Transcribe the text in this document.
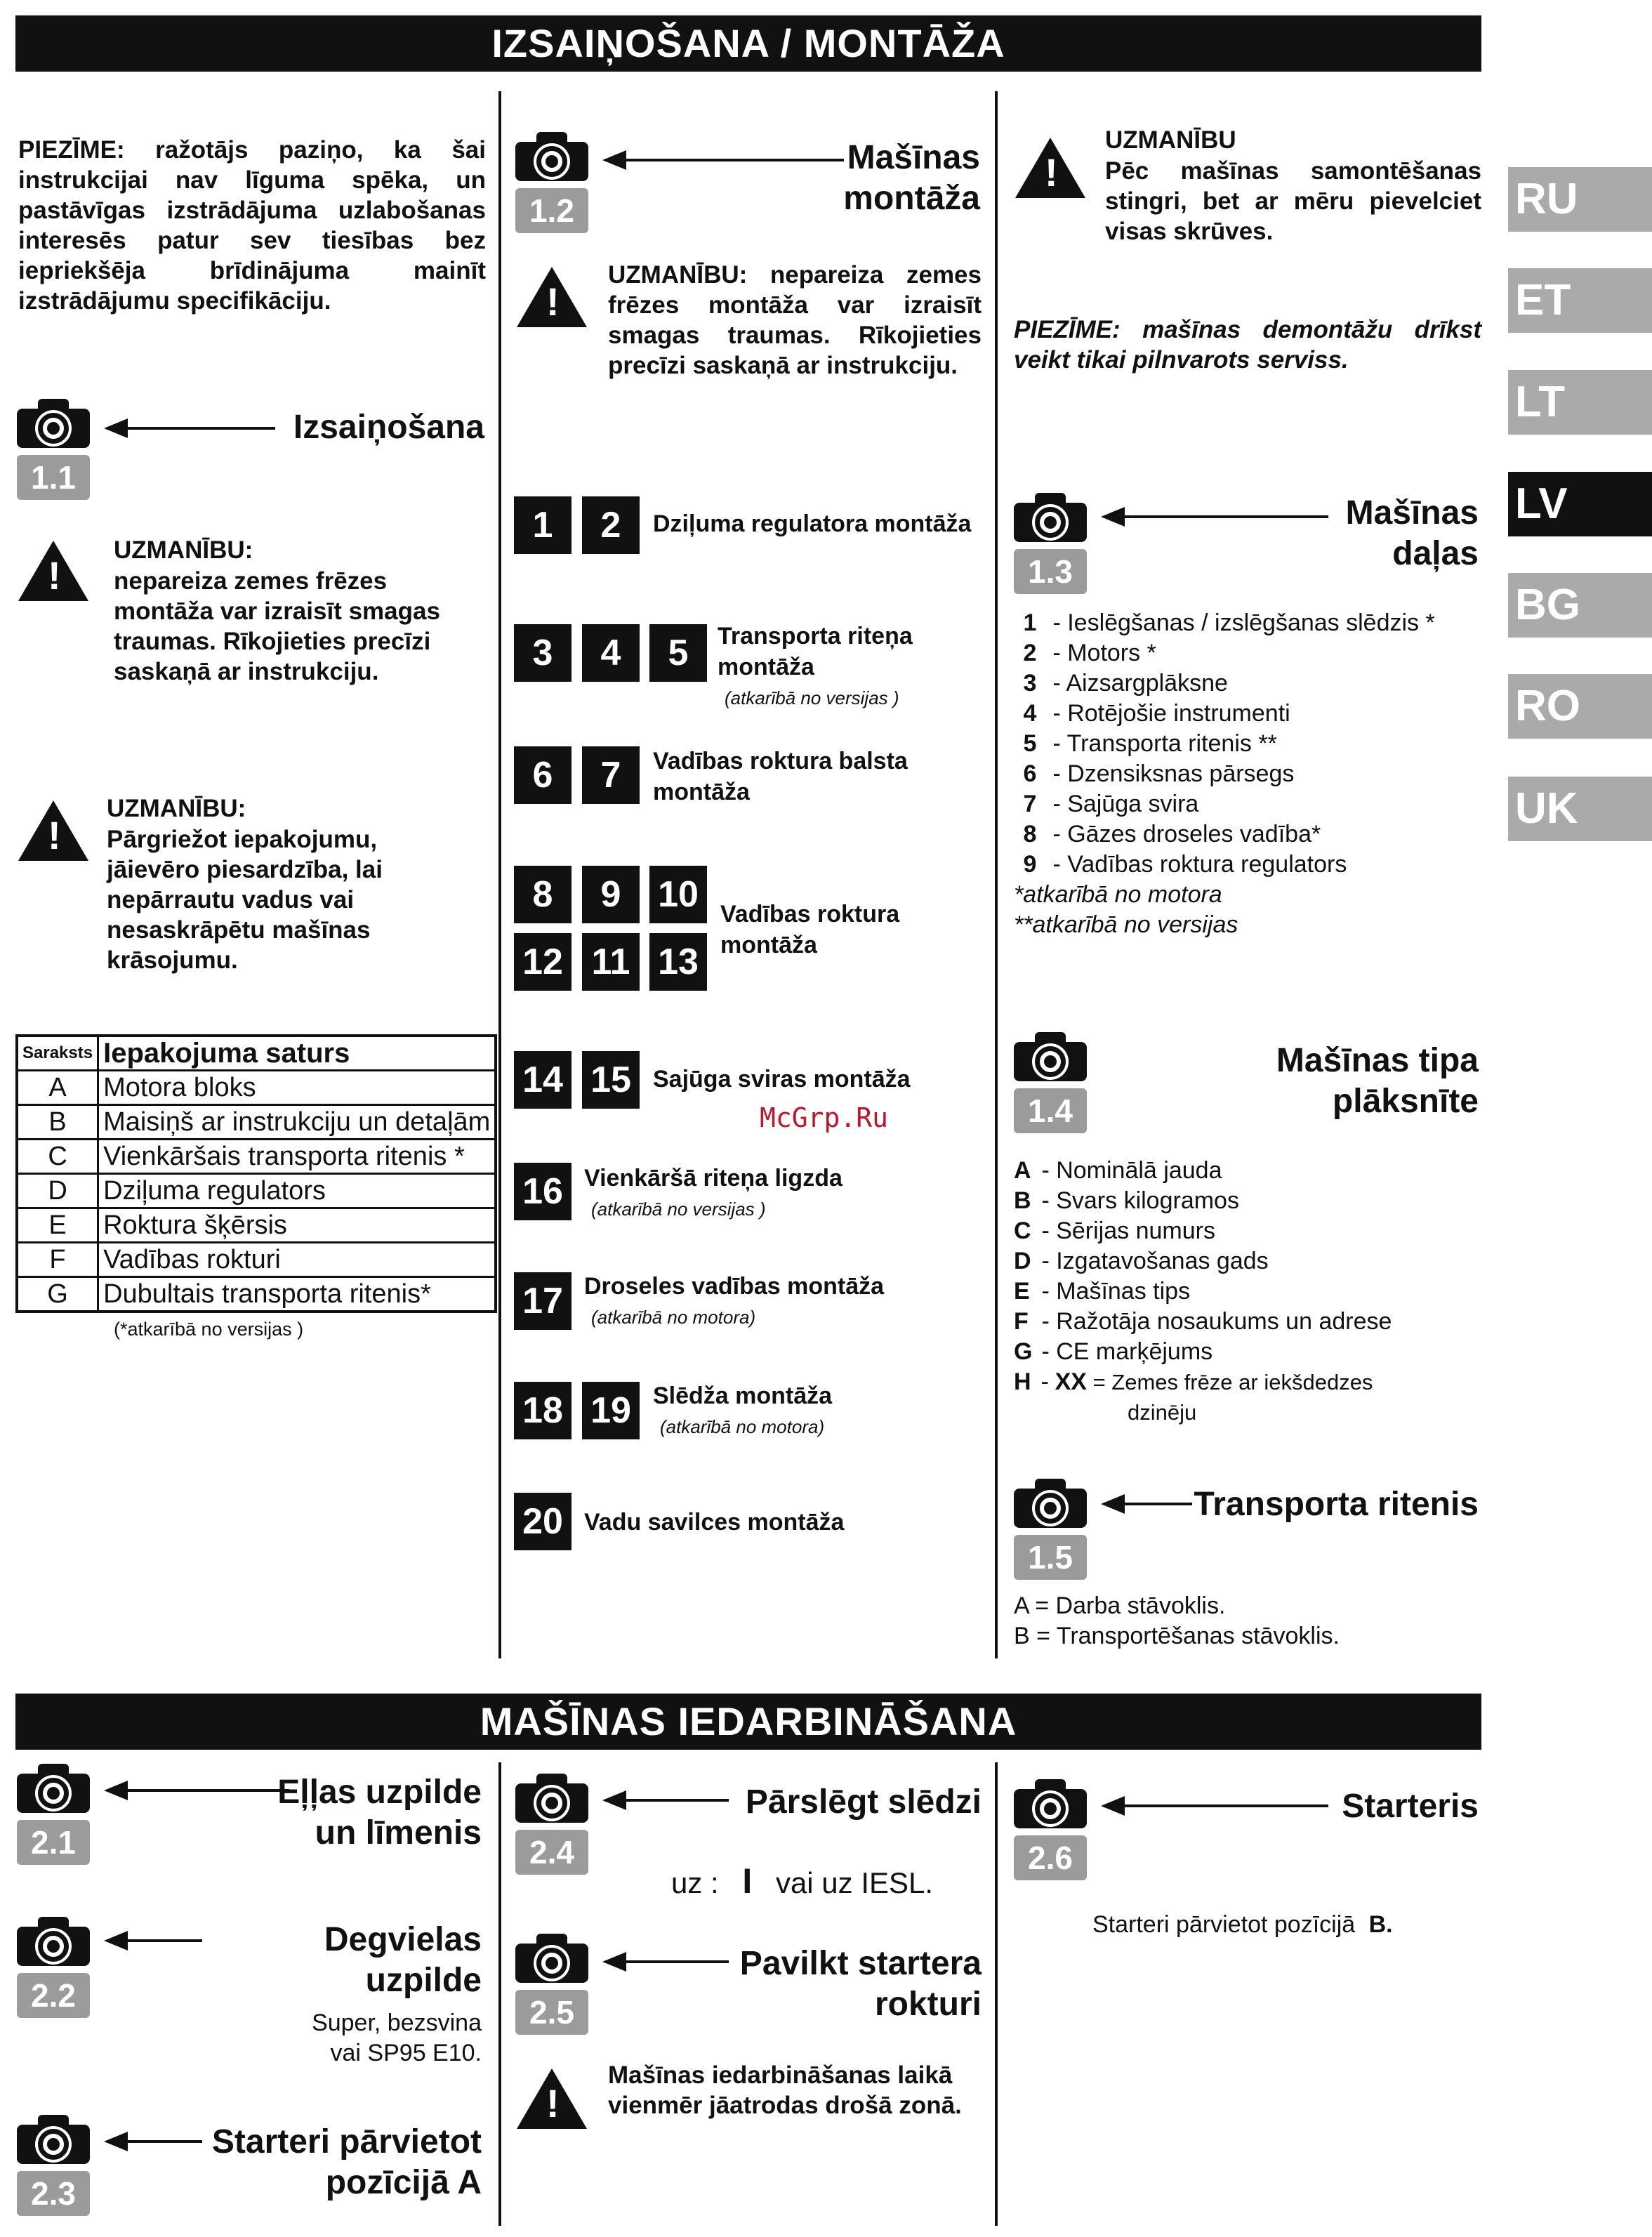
IZSAIŅOŠANA / MONTĀŽA
MAŠĪNAS IEDARBINĀŠANA
RU
ET
LT
LV
BG
RO
UK
PIEZĪME: ražotājs paziņo, ka šai instrukcijai nav līguma spēka, un pastāvīgas izstrādājuma uzlabošanas interesēs patur sev tiesības bez iepriekšēja brīdinājuma mainīt izstrādājumu specifikāciju.
1.1
Izsaiņošana
!
UZMANĪBU:
nepareiza zemes frēzes montāža var izraisīt smagas traumas. Rīkojieties precīzi saskaņā ar instrukciju.
!
UZMANĪBU:
Pārgriežot iepakojumu, jāievēro piesardzība, lai nepārrautu vadus vai nesaskrāpētu mašīnas krāsojumu.
Saraksts	Iepakojuma saturs
A	Motora bloks
B	Maisiņš ar instrukciju un detaļām
C	Vienkāršais transporta ritenis *
D	Dziļuma regulators
E	Roktura šķērsis
F	Vadības rokturi
G	Dubultais transporta ritenis*
(*atkarībā no versijas )
1.2
Mašīnas
montāža
!
UZMANĪBU: nepareiza zemes frēzes montāža var izraisīt smagas traumas. Rīkojieties precīzi saskaņā ar instrukciju.
1	2	Dziļuma regulatora montāža
3	4	5	Transporta riteņa montāža
(atkarībā no versijas )
6	7	Vadības roktura balsta montāža
8	9	10
12 11 13
Vadības roktura montāža
14 15 Sajūga sviras montāža
McGrp.Ru
16 Vienkāršā riteņa ligzda
(atkarībā no versijas )
17 Droseles vadības montāža
(atkarībā no motora)
18 19 Slēdža montāža
(atkarībā no motora)
20 Vadu savilces montāža
!
UZMANĪBU
Pēc mašīnas samontēšanas stingri, bet ar mēru pievelciet visas skrūves.
PIEZĪME: mašīnas demontāžu drīkst veikt tikai pilnvarots serviss.
1.3
Mašīnas
daļas
1 - Ieslēgšanas / izslēgšanas slēdzis *
2 - Motors *
3 - Aizsargplāksne
4 - Rotējošie instrumenti
5 - Transporta ritenis **
6 - Dzensiksnas pārsegs
7 - Sajūga svira
8 - Gāzes droseles vadība*
9 - Vadības roktura regulators
*atkarībā no motora
**atkarībā no versijas
1.4
Mašīnas tipa
plāksnīte
A - Nominālā jauda
B - Svars kilogramos
C - Sērijas numurs
D - Izgatavošanas gads
E - Mašīnas tips
F - Ražotāja nosaukums un adrese
G - CE marķējums
H - XX = Zemes frēze ar iekšdedzes
dzinēju
1.5
Transporta ritenis
A = Darba stāvoklis.
B = Transportēšanas stāvoklis.
2.1
Eļļas uzpilde
un līmenis
2.2
Degvielas uzpilde
Super, bezsvina
vai SP95 E10.
2.3
Starteri pārvietot
pozīcijā A
2.4
Pārslēgt slēdzi
uz : I vai uz IESL.
2.5
Pavilkt startera
rokturi
!
Mašīnas iedarbināšanas laikā vienmēr jāatrodas drošā zonā.
2.6
Starteris
Starteri pārvietot pozīcijā B.
